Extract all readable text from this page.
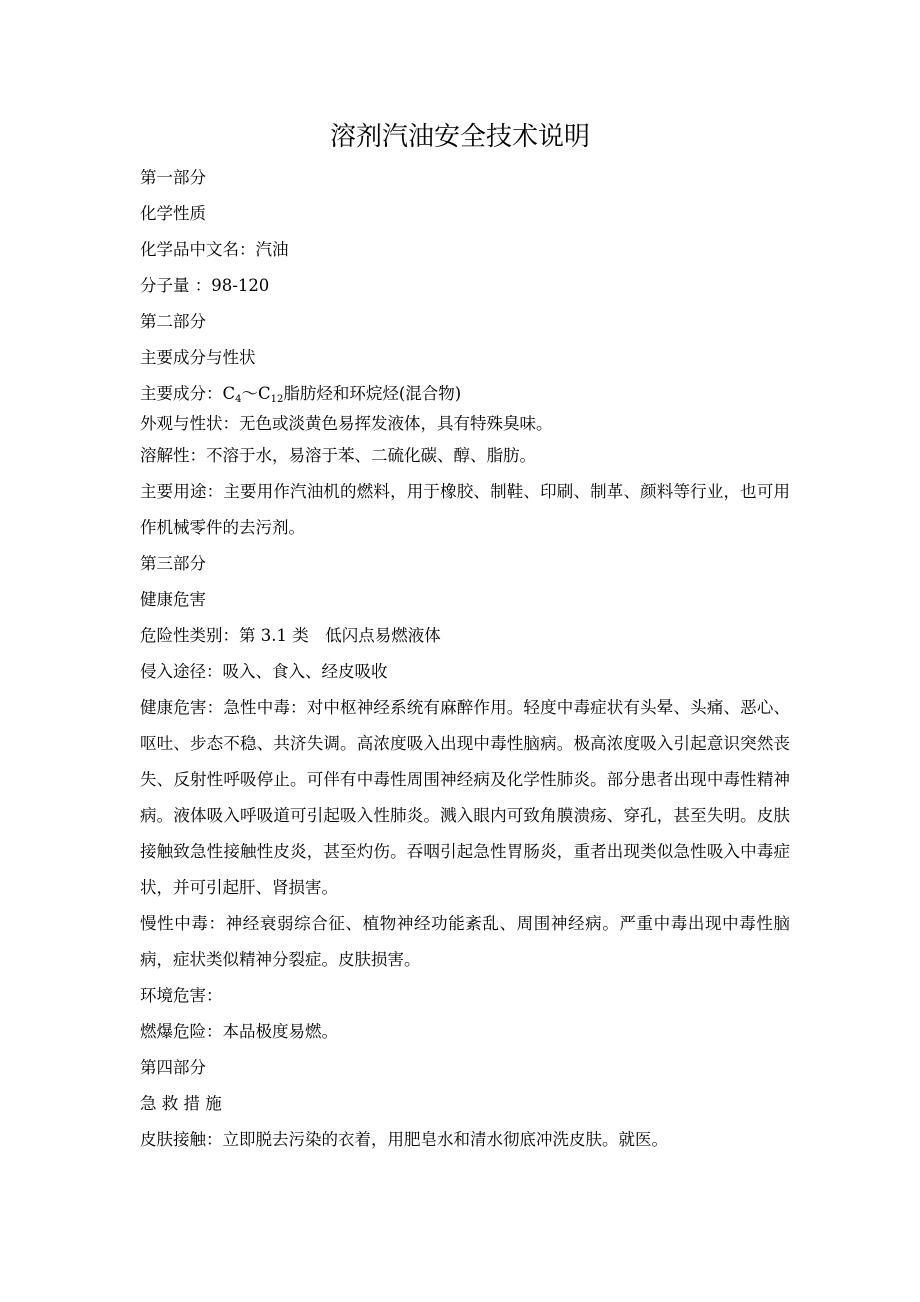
溶剂汽油安全技术说明

第一部分

化学性质

化学品中文名：汽油

分子量 ：98-120

第二部分

主要成分与性状

主要成分：$C_4\sim C_{12}$脂肪烃和环烷烃(混合物)

外观与性状：无色或淡黄色易挥发液体，具有特殊臭味。

溶解性：不溶于水，易溶于苯、二硫化碳、醇、脂肪。

主要用途：主要用作汽油机的燃料，用于橡胶、制鞋、印刷、制革、颜料等行业，也可用作机械零件的去污剂。

第三部分

健康危害

危险性类别：第 3.1 类　低闪点易燃液体

侵入途径：吸入、食入、经皮吸收

健康危害：急性中毒：对中枢神经系统有麻醉作用。轻度中毒症状有头晕、头痛、恶心、呕吐、步态不稳、共济失调。高浓度吸入出现中毒性脑病。极高浓度吸入引起意识突然丧失、反射性呼吸停止。可伴有中毒性周围神经病及化学性肺炎。部分患者出现中毒性精神病。液体吸入呼吸道可引起吸入性肺炎。溅入眼内可致角膜溃疡、穿孔，甚至失明。皮肤接触致急性接触性皮炎，甚至灼伤。吞咽引起急性胃肠炎，重者出现类似急性吸入中毒症状，并可引起肝、肾损害。

慢性中毒：神经衰弱综合征、植物神经功能紊乱、周围神经病。严重中毒出现中毒性脑病，症状类似精神分裂症。皮肤损害。

环境危害：

燃爆危险：本品极度易燃。

第四部分

急 救 措 施

皮肤接触：立即脱去污染的衣着，用肥皂水和清水彻底冲洗皮肤。就医。
